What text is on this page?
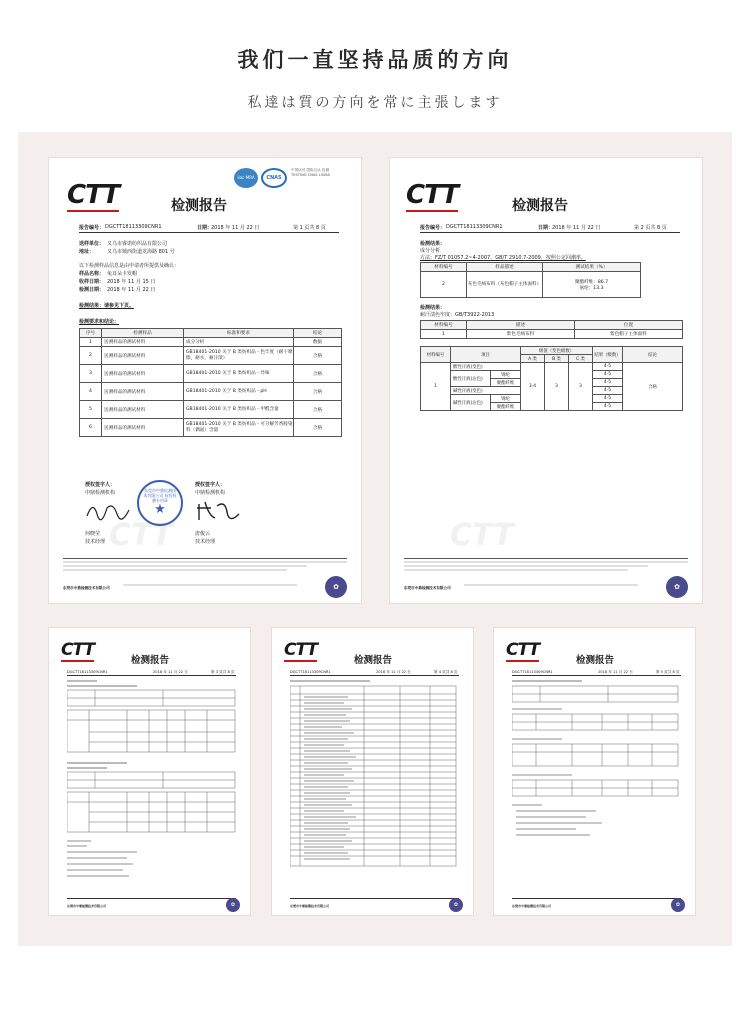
我们一直坚持品质的方向
私達は質の方向を常に主張します
CTT
CTT	检测报告
ilac-MRA	CNAS
中国认可 国际互认 检测 TESTING CNAS L3088
报告编号： DGCTT18113309CNR1	日期：
2018 年 11 月 22 日	第 1 页共 8 页
送样单位： 义乌市睿诺纺织品有限公司
地址：	义乌市城西街道龙海路 801 号
以下检测样品信息是由申请者所提供及确认：
样品名称： 兔耳朵卡发帽
收样日期： 2018 年 11 月 15 日
检测日期： 2018 年 11 月 22 日
检测结果：请参见下页。
检测要求和结论：
序号	检测样品	标准和要求	结论
1	送测样品的测试材料	成分分析	数据
2	送测样品的测试材料	GB18401-2010 关于 B 类纺织品 - 色牢度（耐干摩擦，耐水，耐汗渍）	合格
3	送测样品的测试材料	GB18401-2010 关于 B 类纺织品 - 异味	合格
4	送测样品的测试材料	GB18401-2010 关于 B 类纺织品 - pH	合格
5	送测样品的测试材料	GB18401-2010 关于 B 类纺织品 - 甲醛含量	合格
6	送测样品的测试材料	GB18401-2010 关于 B 类纺织品 - 可分解芳香胺染料（偶氮）含量	合格
授权签字人：
中鼎检测机构
何晓莹
技术经理
东莞市中鼎检测技术有限公司 检验检测专用章
★
授权签字人：
中鼎检测机构
唐俊云
技术经理
东莞市中鼎检测技术有限公司	✿
CTT
CTT	检测报告
报告编号： DGCTT18113309CNR1	日期：
2018 年 11 月 22 日	第 2 页共 8 页
检测结果：
成分分析
方法：FZ/T 01057.2~4-2007、GB/T 2910.7-2009，按照公定回潮率。
材料编号	样品描述	测试结果（%）
2	灰色毛绒布料（灰色帽子主体面料）	聚酯纤维：86.7
氨纶：13.3
检测结果：
耐汗渍色牢度：GB/T3922-2013
材料编号	描述	位置
1	紫色毛绒布料	紫色帽子主体面料
材料编号	项目		级值（变色级数）			结果（级数）	结论
			A 类	B 类	C 类		
1	酸性汗液(变色)		3-4	3	3	4-5	合格
	酸性汗液(沾色)	锦纶				4-5	
		聚酯纤维				4-5	
	碱性汗液(变色)					4-5	
	碱性汗液(沾色)	锦纶				4-5	
		聚酯纤维				4-5	
东莞市中鼎检测技术有限公司	✿
CTT
检测报告
DGCTT18113309CNR1	2018 年 11 月 22 日	第 3 页共 8 页
东莞市中鼎检测技术有限公司	✿
CTT
检测报告
DGCTT18113309CNR1	2018 年 11 月 22 日	第 4 页共 8 页
东莞市中鼎检测技术有限公司	✿
CTT
检测报告
DGCTT18113309CNR1	2018 年 11 月 22 日	第 5 页共 8 页
东莞市中鼎检测技术有限公司	✿
